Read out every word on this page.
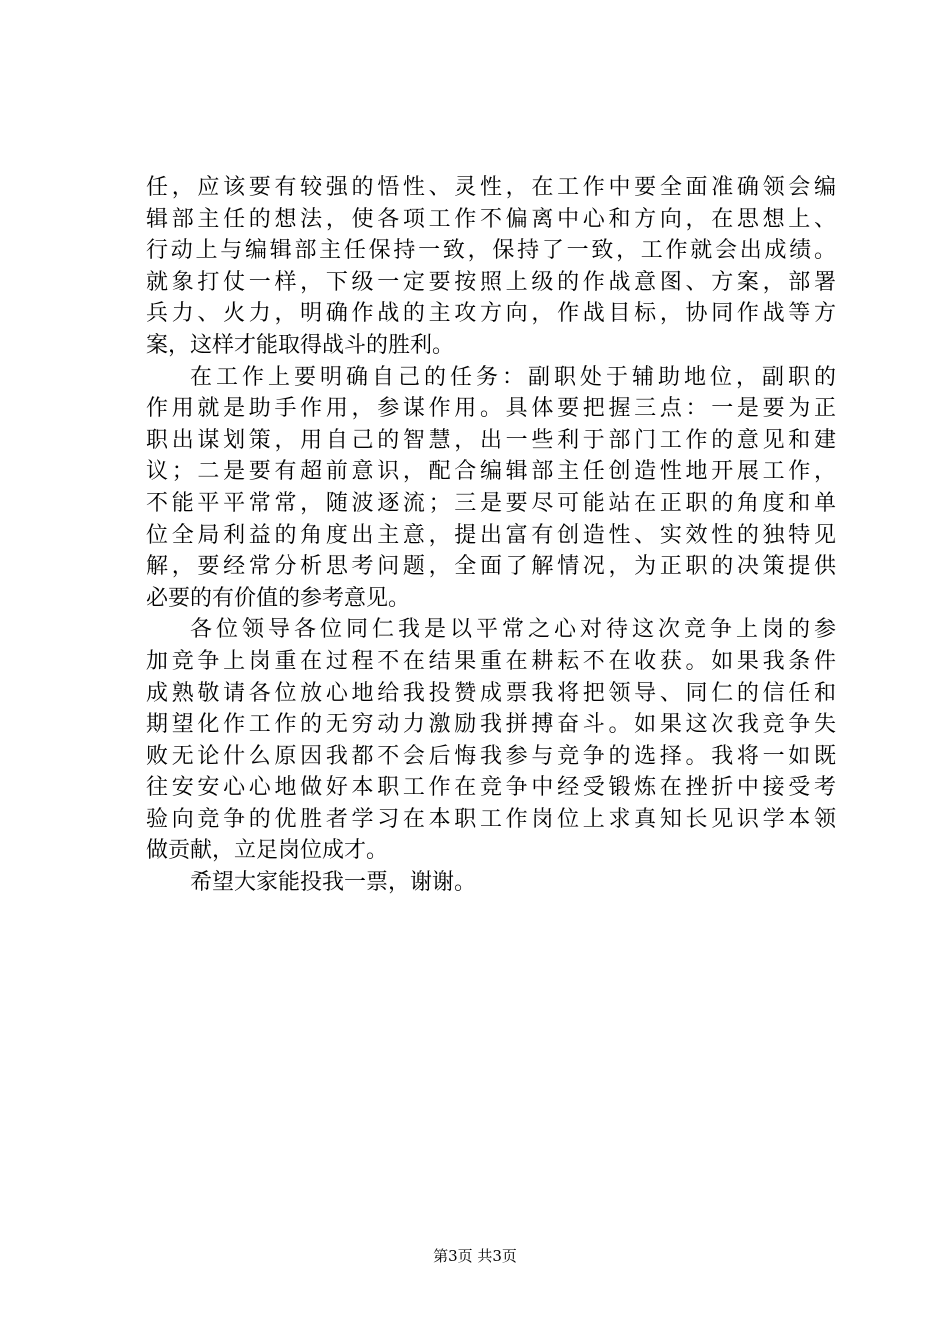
任，应该要有较强的悟性、灵性，在工作中要全面准确领会编
辑部主任的想法，使各项工作不偏离中心和方向，在思想上、
行动上与编辑部主任保持一致，保持了一致，工作就会出成绩。
就象打仗一样，下级一定要按照上级的作战意图、方案，部署
兵力、火力，明确作战的主攻方向，作战目标，协同作战等方
案，这样才能取得战斗的胜利。
在工作上要明确自己的任务：副职处于辅助地位，副职的
作用就是助手作用，参谋作用。具体要把握三点：一是要为正
职出谋划策，用自己的智慧，出一些利于部门工作的意见和建
议；二是要有超前意识，配合编辑部主任创造性地开展工作，
不能平平常常，随波逐流；三是要尽可能站在正职的角度和单
位全局利益的角度出主意，提出富有创造性、实效性的独特见
解，要经常分析思考问题，全面了解情况，为正职的决策提供
必要的有价值的参考意见。
各位领导各位同仁我是以平常之心对待这次竞争上岗的参
加竞争上岗重在过程不在结果重在耕耘不在收获。如果我条件
成熟敬请各位放心地给我投赞成票我将把领导、同仁的信任和
期望化作工作的无穷动力激励我拼搏奋斗。如果这次我竞争失
败无论什么原因我都不会后悔我参与竞争的选择。我将一如既
往安安心心地做好本职工作在竞争中经受锻炼在挫折中接受考
验向竞争的优胜者学习在本职工作岗位上求真知长见识学本领
做贡献，立足岗位成才。
希望大家能投我一票，谢谢。
第3页 共3页
